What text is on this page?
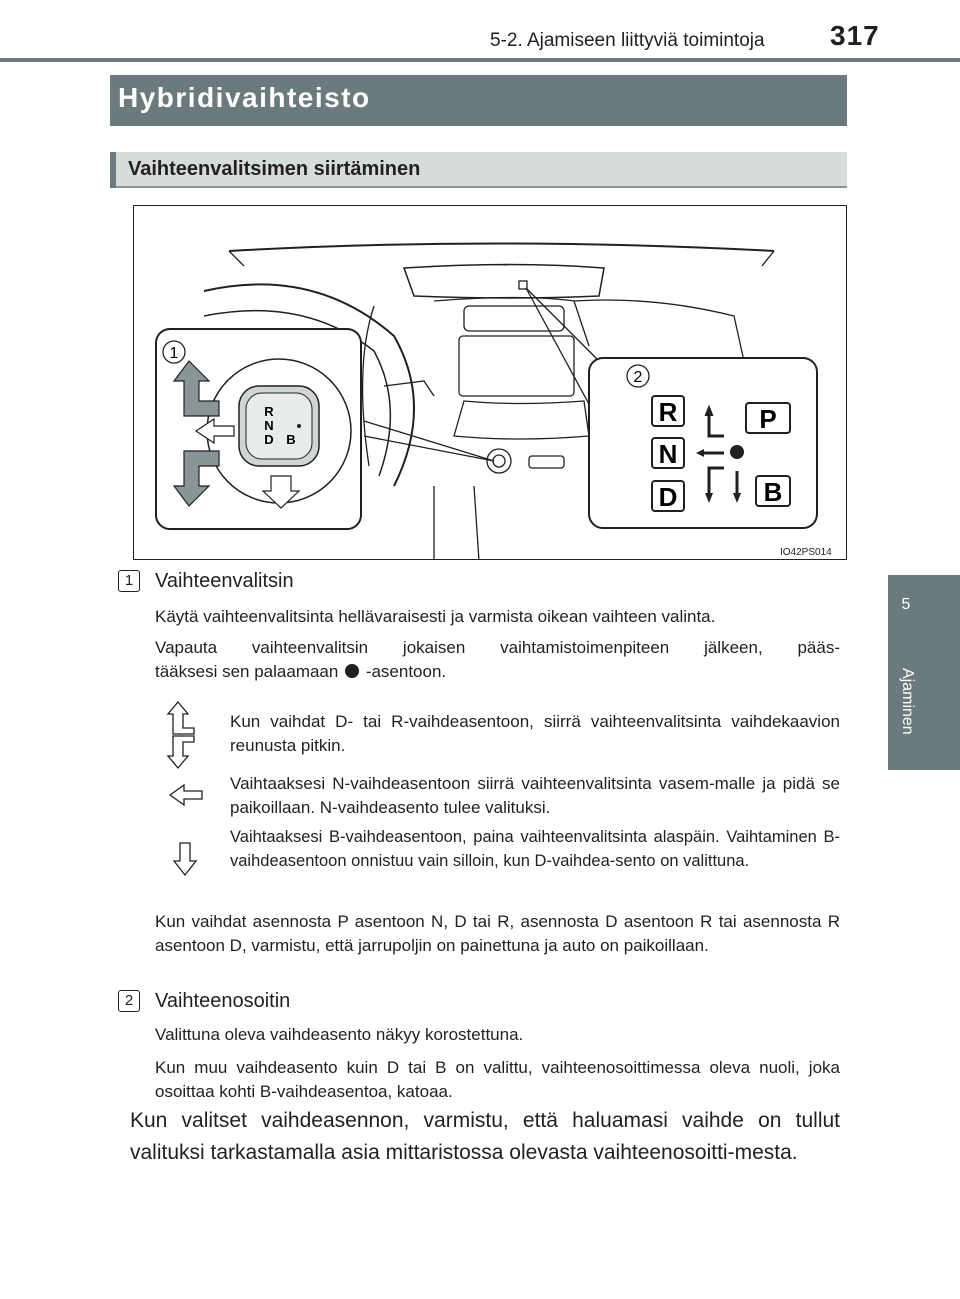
5-2. Ajamiseen liittyviä toimintoja 317
5
Ajaminen
Hybridivaihteisto
Vaihteenvalitsimen siirtäminen
1
R
N
D B
2
R
N
D
P
B
IO42PS014
1	Vaihteenvalitsin
Käytä vaihteenvalitsinta hellävaraisesti ja varmista oikean vaihteen valinta.
Vapauta vaihteenvalitsin jokaisen vaihtamistoimenpiteen jälkeen, pääs-
tääksesi sen palaamaan -asentoon.
Kun vaihdat D- tai R-vaihdeasentoon, siirrä vaihteenvalitsinta vaihdekaavion reunusta pitkin.
Vaihtaaksesi N-vaihdeasentoon siirrä vaihteenvalitsinta vasem-malle ja pidä se paikoillaan. N-vaihdeasento tulee valituksi.
Vaihtaaksesi B-vaihdeasentoon, paina vaihteenvalitsinta alaspäin. Vaihtaminen B-vaihdeasentoon onnistuu vain silloin, kun D-vaihdea-sento on valittuna.
Kun vaihdat asennosta P asentoon N, D tai R, asennosta D asentoon R tai asennosta R asentoon D, varmistu, että jarrupoljin on painettuna ja auto on paikoillaan.
2	Vaihteenosoitin
Valittuna oleva vaihdeasento näkyy korostettuna.
Kun muu vaihdeasento kuin D tai B on valittu, vaihteenosoittimessa oleva nuoli, joka osoittaa kohti B-vaihdeasentoa, katoaa.
Kun valitset vaihdeasennon, varmistu, että haluamasi vaihde on tullut valituksi tarkastamalla asia mittaristossa olevasta vaihteenosoitti-mesta.
